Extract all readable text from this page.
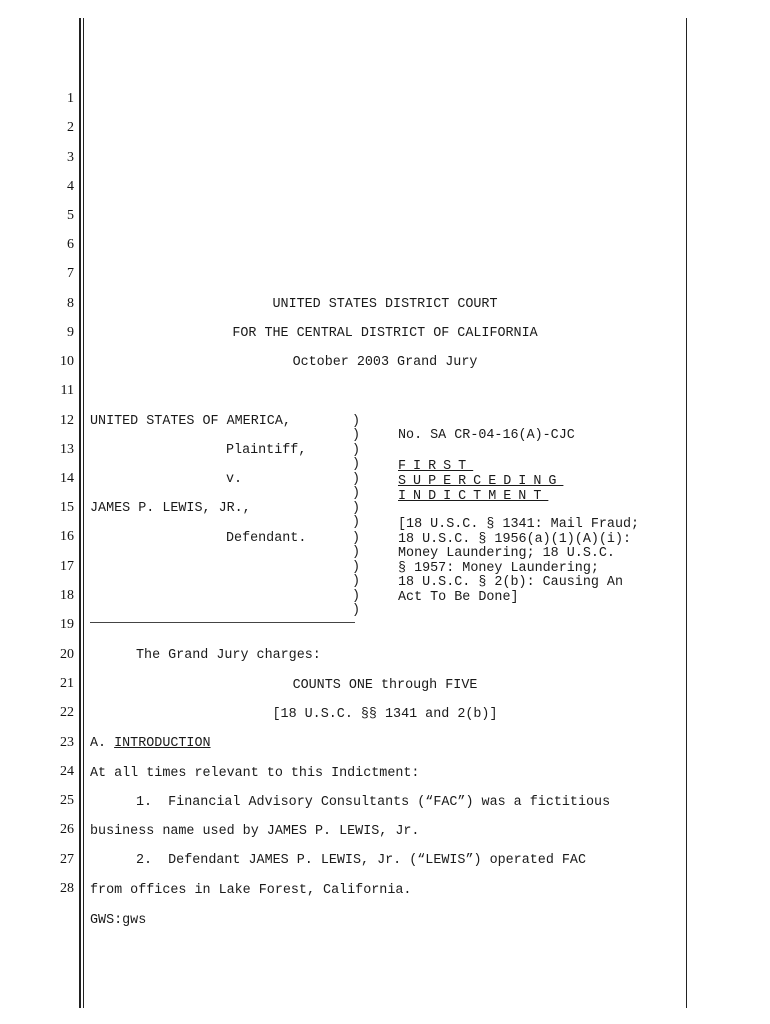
1
2
3
4
5
6
7
8
9
10
11
12
13
14
15
16
17
18
19
20
21
22
23
24
25
26
27
28
UNITED STATES DISTRICT COURT
FOR THE CENTRAL DISTRICT OF CALIFORNIA
October 2003 Grand Jury
UNITED STATES OF AMERICA,
Plaintiff,
v.
JAMES P. LEWIS, JR.,
Defendant.
)
)
)
)
)
)
)
)
)
)
)
)
)
)
No. SA CR-04-16(A)-CJC
FIRST
SUPERCEDING
INDICTMENT
[18 U.S.C. § 1341: Mail Fraud;
18 U.S.C. § 1956(a)(1)(A)(i):
Money Laundering; 18 U.S.C.
§ 1957: Money Laundering;
18 U.S.C. § 2(b): Causing An
Act To Be Done]
The Grand Jury charges:
COUNTS ONE through FIVE
[18 U.S.C. §§ 1341 and 2(b)]
A. INTRODUCTION
At all times relevant to this Indictment:
1.  Financial Advisory Consultants (“FAC”) was a fictitious
business name used by JAMES P. LEWIS, Jr.
2.  Defendant JAMES P. LEWIS, Jr. (“LEWIS”) operated FAC
from offices in Lake Forest, California.
GWS:gws
